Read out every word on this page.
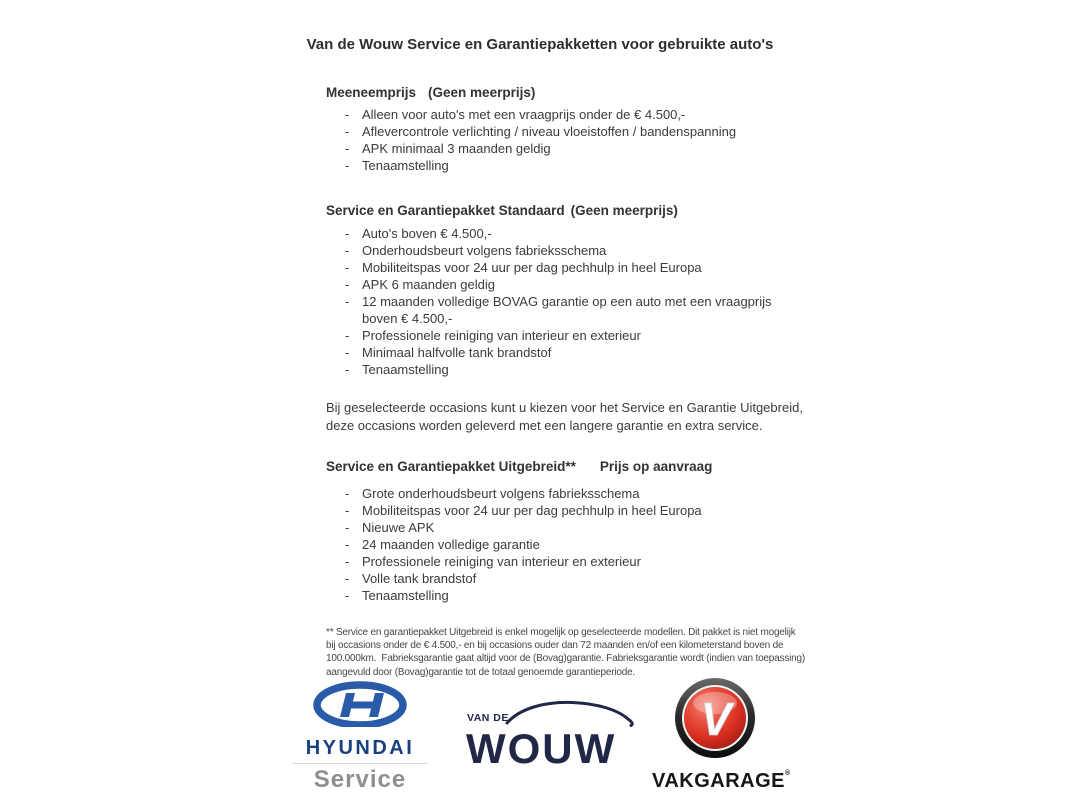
Van de Wouw Service en Garantiepakketten voor gebruikte auto's
Meeneemprijs (Geen meerprijs)
- Alleen voor auto's met een vraagprijs onder de € 4.500,-
- Aflevercontrole verlichting / niveau vloeistoffen / bandenspanning
- APK minimaal 3 maanden geldig
- Tenaamstelling
Service en Garantiepakket Standaard (Geen meerprijs)
- Auto's boven € 4.500,-
- Onderhoudsbeurt volgens fabrieksschema
- Mobiliteitspas voor 24 uur per dag pechhulp in heel Europa
- APK 6 maanden geldig
- 12 maanden volledige BOVAG garantie op een auto met een vraagprijs boven € 4.500,-
- Professionele reiniging van interieur en exterieur
- Minimaal halfvolle tank brandstof
- Tenaamstelling
Bij geselecteerde occasions kunt u kiezen voor het Service en Garantie Uitgebreid,
deze occasions worden geleverd met een langere garantie en extra service.
Service en Garantiepakket Uitgebreid** Prijs op aanvraag
- Grote onderhoudsbeurt volgens fabrieksschema
- Mobiliteitspas voor 24 uur per dag pechhulp in heel Europa
- Nieuwe APK
- 24 maanden volledige garantie
- Professionele reiniging van interieur en exterieur
- Volle tank brandstof
- Tenaamstelling
** Service en garantiepakket Uitgebreid is enkel mogelijk op geselecteerde modellen. Dit pakket is niet mogelijk
bij occasions onder de € 4.500,- en bij occasions ouder dan 72 maanden en/of een kilometerstand boven de
100.000km.  Fabrieksgarantie gaat altijd voor de (Bovag)garantie. Fabrieksgarantie wordt (indien van toepassing)
aangevuld door (Bovag)garantie tot de totaal genoemde garantieperiode.
HYUNDAI
Service
VAN DE
WOUW
V
VAKGARAGE®
